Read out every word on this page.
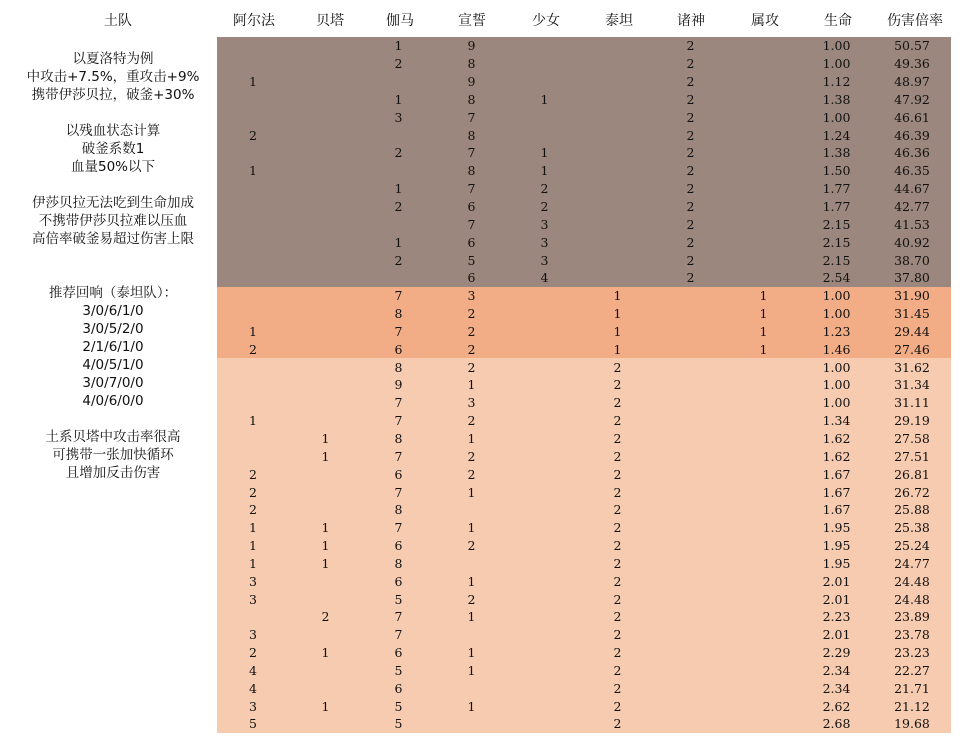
土队	阿尔法	贝塔	伽马	宣誓	少女	泰坦	诸神	属攻	生命	伤害倍率
以夏洛特为例
中攻击+7.5%，重攻击+9%
携带伊莎贝拉，破釜+30%
以残血状态计算
破釜系数1
血量50%以下
伊莎贝拉无法吃到生命加成
不携带伊莎贝拉难以压血
高倍率破釜易超过伤害上限
推荐回响（泰坦队）：
3/0/6/1/0
3/0/5/2/0
2/1/6/1/0
4/0/5/1/0
3/0/7/0/0
4/0/6/0/0
土系贝塔中攻击率很高
可携带一张加快循环
且增加反击伤害
		1	9			2		1.00	50.57
		2	8			2		1.00	49.36
1			9			2		1.12	48.97
		1	8	1		2		1.38	47.92
		3	7			2		1.00	46.61
2			8			2		1.24	46.39
		2	7	1		2		1.38	46.36
1			8	1		2		1.50	46.35
		1	7	2		2		1.77	44.67
		2	6	2		2		1.77	42.77
			7	3		2		2.15	41.53
		1	6	3		2		2.15	40.92
		2	5	3		2		2.15	38.70
			6	4		2		2.54	37.80
		7	3		1		1	1.00	31.90
		8	2		1		1	1.00	31.45
1		7	2		1		1	1.23	29.44
2		6	2		1		1	1.46	27.46
		8	2		2			1.00	31.62
		9	1		2			1.00	31.34
		7	3		2			1.00	31.11
1		7	2		2			1.34	29.19
	1	8	1		2			1.62	27.58
	1	7	2		2			1.62	27.51
2		6	2		2			1.67	26.81
2		7	1		2			1.67	26.72
2		8			2			1.67	25.88
1	1	7	1		2			1.95	25.38
1	1	6	2		2			1.95	25.24
1	1	8			2			1.95	24.77
3		6	1		2			2.01	24.48
3		5	2		2			2.01	24.48
	2	7	1		2			2.23	23.89
3		7			2			2.01	23.78
2	1	6	1		2			2.29	23.23
4		5	1		2			2.34	22.27
4		6			2			2.34	21.71
3	1	5	1		2			2.62	21.12
5		5			2			2.68	19.68
